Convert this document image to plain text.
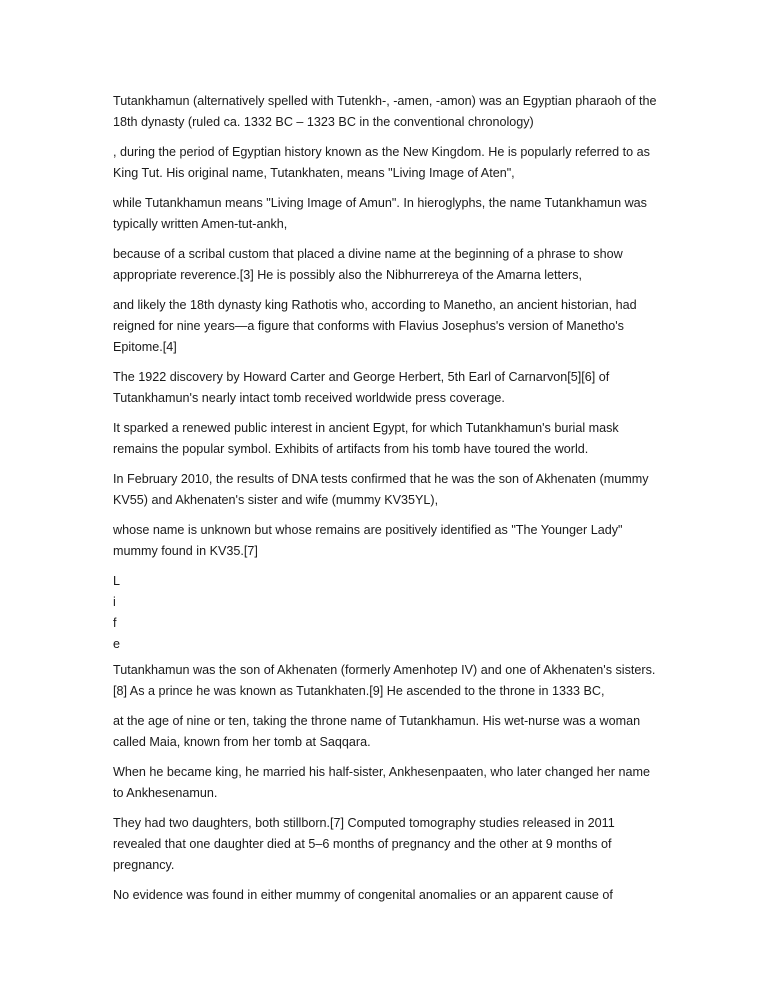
Tutankhamun (alternatively spelled with Tutenkh-, -amen, -amon) was an Egyptian pharaoh of the 18th dynasty (ruled ca. 1332 BC – 1323 BC in the conventional chronology)

, during the period of Egyptian history known as the New Kingdom. He is popularly referred to as King Tut. His original name, Tutankhaten, means "Living Image of Aten",

while Tutankhamun means "Living Image of Amun". In hieroglyphs, the name Tutankhamun was typically written Amen-tut-ankh,

because of a scribal custom that placed a divine name at the beginning of a phrase to show appropriate reverence.[3] He is possibly also the Nibhurrereya of the Amarna letters,

and likely the 18th dynasty king Rathotis who, according to Manetho, an ancient historian, had reigned for nine years—a figure that conforms with Flavius Josephus's version of Manetho's Epitome.[4]

The 1922 discovery by Howard Carter and George Herbert, 5th Earl of Carnarvon[5][6] of Tutankhamun's nearly intact tomb received worldwide press coverage.

It sparked a renewed public interest in ancient Egypt, for which Tutankhamun's burial mask remains the popular symbol. Exhibits of artifacts from his tomb have toured the world.

In February 2010, the results of DNA tests confirmed that he was the son of Akhenaten (mummy KV55) and Akhenaten's sister and wife (mummy KV35YL),

whose name is unknown but whose remains are positively identified as "The Younger Lady" mummy found in KV35.[7]

L
i
f
e

Tutankhamun was the son of Akhenaten (formerly Amenhotep IV) and one of Akhenaten's sisters.[8] As a prince he was known as Tutankhaten.[9] He ascended to the throne in 1333 BC,

at the age of nine or ten, taking the throne name of Tutankhamun. His wet-nurse was a woman called Maia, known from her tomb at Saqqara.

When he became king, he married his half-sister, Ankhesenpaaten, who later changed her name to Ankhesenamun.

They had two daughters, both stillborn.[7] Computed tomography studies released in 2011 revealed that one daughter died at 5–6 months of pregnancy and the other at 9 months of pregnancy.

No evidence was found in either mummy of congenital anomalies or an apparent cause of
